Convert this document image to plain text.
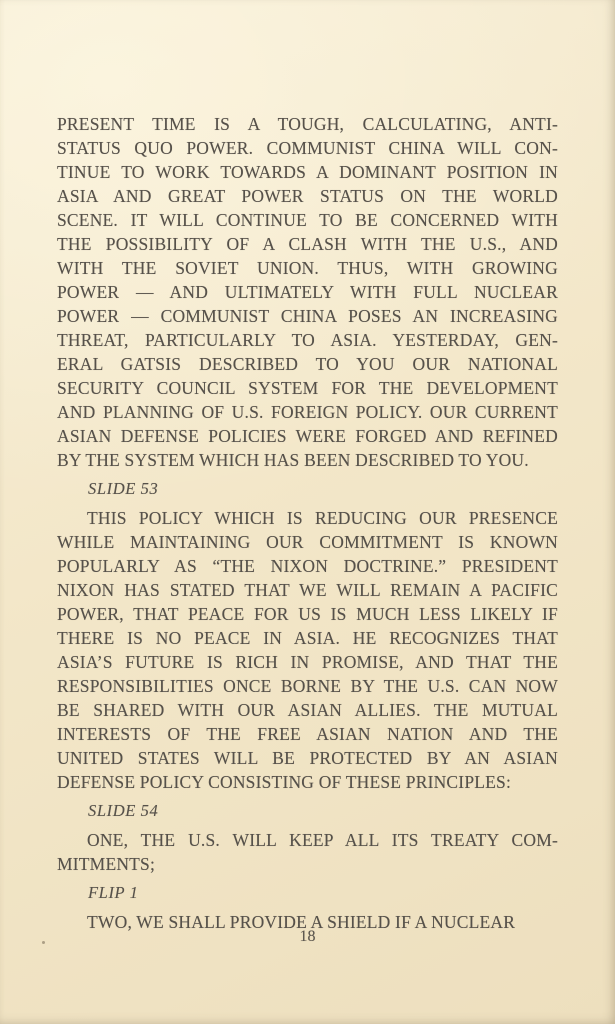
PRESENT TIME IS A TOUGH, CALCULATING, ANTI-
STATUS QUO POWER. COMMUNIST CHINA WILL CON-
TINUE TO WORK TOWARDS A DOMINANT POSITION IN
ASIA AND GREAT POWER STATUS ON THE WORLD
SCENE. IT WILL CONTINUE TO BE CONCERNED WITH
THE POSSIBILITY OF A CLASH WITH THE U.S., AND
WITH THE SOVIET UNION. THUS, WITH GROWING
POWER — AND ULTIMATELY WITH FULL NUCLEAR
POWER — COMMUNIST CHINA POSES AN INCREASING
THREAT, PARTICULARLY TO ASIA. YESTERDAY, GEN-
ERAL GATSIS DESCRIBED TO YOU OUR NATIONAL
SECURITY COUNCIL SYSTEM FOR THE DEVELOPMENT
AND PLANNING OF U.S. FOREIGN POLICY. OUR CURRENT
ASIAN DEFENSE POLICIES WERE FORGED AND REFINED
BY THE SYSTEM WHICH HAS BEEN DESCRIBED TO YOU.
SLIDE 53
THIS POLICY WHICH IS REDUCING OUR PRESENCE
WHILE MAINTAINING OUR COMMITMENT IS KNOWN
POPULARLY AS “THE NIXON DOCTRINE.” PRESIDENT
NIXON HAS STATED THAT WE WILL REMAIN A PACIFIC
POWER, THAT PEACE FOR US IS MUCH LESS LIKELY IF
THERE IS NO PEACE IN ASIA. HE RECOGNIZES THAT
ASIA’S FUTURE IS RICH IN PROMISE, AND THAT THE
RESPONSIBILITIES ONCE BORNE BY THE U.S. CAN NOW
BE SHARED WITH OUR ASIAN ALLIES. THE MUTUAL
INTERESTS OF THE FREE ASIAN NATION AND THE
UNITED STATES WILL BE PROTECTED BY AN ASIAN
DEFENSE POLICY CONSISTING OF THESE PRINCIPLES:
SLIDE 54
ONE, THE U.S. WILL KEEP ALL ITS TREATY COM-
MITMENTS;
FLIP 1
TWO, WE SHALL PROVIDE A SHIELD IF A NUCLEAR
18
